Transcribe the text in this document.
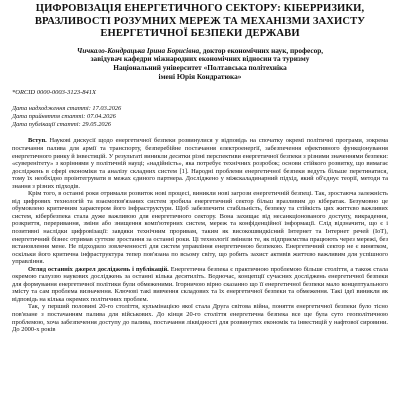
ЦИФРОВІЗАЦІЯ ЕНЕРГЕТИЧНОГО СЕКТОРУ: КІБЕРРИЗИКИ, ВРАЗЛИВОСТІ РОЗУМНИХ МЕРЕЖ ТА МЕХАНІЗМИ ЗАХИСТУ ЕНЕРГЕТИЧНОЇ БЕЗПЕКИ ДЕРЖАВИ
Чичкало-Кондрацька Ірина Борисівна, доктор економічних наук, професор,
завідувач кафедри міжнародних економічних відносин та туризму
Національний університет «Полтавська політехніка
імені Юрія Кондратюка»
*ORCID 0000-0003-3123-841X
Дата надходження статті: 17.03.2026
Дата прийняття статті: 07.04.2026
Дата публікації статті: 29.05.2026

Вступ. Наукові дискусії щодо енергетичної безпеки розвинулися у відповідь на спочатку окремі політичні програми, зокрема постачання палива для армії та транспорту, безперебійне постачання електроенергії, забезпечення ефективного функціонування енергетичного ринку й інвестицій. У результаті виникли десятки різні перспективи енергетичної безпеки з різними значеннями безпеки: «суверенітету» з коріннями у політичній науці; «надійність», яка потребує технічних розробок; основи стійкого розвитку, що вимагає досліджень в сфері економіки та аналізу складних систем [1]. Народні проблеми енергетичної безпеки ведуть більше перетинатися, тому їх необхідно проінтегрувати в межах єдиного партнера. Досліджено у міжскаладинарний підхід, який об'єднує теорії, методи та знання з різних підходів.

Крім того, в останні роки отримали розвиток нові процесі, виникли нові загрози енергетичній безпеці. Так, зростаюча залежність від цифрових технологій та взаємопов'язаних систем зробила енергетичний сектор більш вразливим до кібератак. Безумовно це обумовлено критичним характером його інфраструктури. Щоб забезпечити стабільність, безпеку та стійкість цих життєво важливих систем, кібербезпека стала дуже важливою для енергетичного сектору. Вона захищає від несанкціонованого доступу, викрадення, розкриття, переривання, зміни або знищення комп'ютерних систем, мереж та конфіденційної інформації. Слід відзначити, що є і позитивні наслідки цифровізації: завдяки технічним проривам, таким як високошвидкісний Інтернет та Інтернет речей (IoT), енергетичний бізнес отримав суттєве зростання за останні роки. Ці технології змінили те, як підприємства працюють через мережі, без встановлення мене. Не підходило зовлеченності для систем управління енергетичною безпекою. Енергетичний сектор не є винятком, оскільки його критична інфраструктура тепер пов'язана по всьому світу, що робить захист активів життєво важливим для успішного управління.

Огляд останніх джерел досліджень і публікацій. Енергетична безпека є практичною проблемою більше століття, а також стала окремою галуззю наукових досліджень за останні кілька десятиліть. Водночас, концепції сучасних досліджень енергетичної безпеки для формування енергетичної політики були обмеженими. Ігорничою вірно сказанно що її енергетичної безпеки мало концептуального змісту та сам проблема визначення. Ключові такі вивчення складових та їх енергетичної безпеки та обмеження. Такі ідеї виникли як відповідь на кілька окремих політичних проблем.

Так, у перший половині 20-го століття, кульмінацією якої стала Друга світова війна, поняття енергетичної безпеки було тісно пов'язане з постачанням палива для військових. До кінця 20-го століття енергетична безпека все ще була суто геополітичною проблемою, хоча забезпечення доступу до палива, постачання ліквідності для розвинутих економік та інвестицій у нафтової сировини. До 2000-х років
